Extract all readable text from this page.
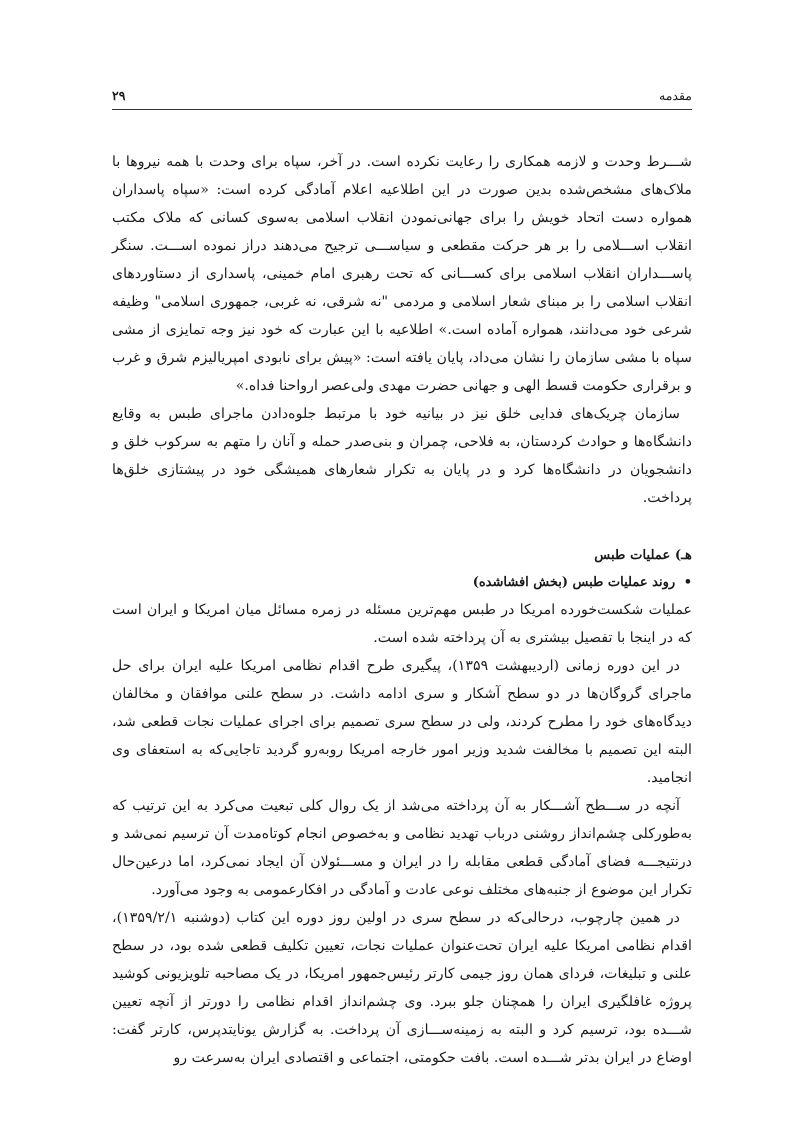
مقدمه
۲۹

شـــرط وحدت و لازمه همکاری را رعایت نکرده است. در آخر، سپاه برای وحدت با همه نیروها با ملاک‌های مشخص‌شده بدین صورت در این اطلاعیه اعلام آمادگی کرده است: «سپاه پاسداران همواره دست اتحاد خویش را برای جهانی‌نمودن انقلاب اسلامی به‌سوی کسانی که ملاک مکتب انقلاب اســـلامی را بر هر حرکت مقطعی و سیاســـی ترجیح می‌دهند دراز نموده اســـت. سنگر پاســـداران انقلاب اسلامی برای کســـانی که تحت رهبری امام خمینی، پاسداری از دستاوردهای انقلاب اسلامی را بر مبنای شعار اسلامی و مردمی "نه شرقی، نه غربی، جمهوری اسلامی" وظیفه شرعی خود می‌دانند، همواره آماده است.» اطلاعیه با این عبارت که خود نیز وجه تمایزی از مشی سپاه با مشی سازمان را نشان می‌داد، پایان یافته است: «پیش برای نابودی امپریالیزم شرق و غرب و برقراری حکومت قسط الهی و جهانی حضرت مهدی ولی‌عصر ارواحنا فداه.»

سازمان چریک‌های فدایی خلق نیز در بیانیه خود با مرتبط جلوه‌دادن ماجرای طبس به وقایع دانشگاه‌ها و حوادث کردستان، به فلاحی، چمران و بنی‌صدر حمله و آنان را متهم به سرکوب خلق و دانشجویان در دانشگاه‌ها کرد و در پایان به تکرار شعارهای همیشگی خود در پیشتازی خلق‌ها پرداخت.

هـ) عملیات طبس
• روند عملیات طبس (بخش افشاشده)

عملیات شکست‌خورده امریکا در طبس مهم‌ترین مسئله در زمره مسائل میان امریکا و ایران است که در اینجا با تفصیل بیشتری به آن پرداخته شده است.

در این دوره زمانی (اردیبهشت ۱۳۵۹)، پیگیری طرح اقدام نظامی امریکا علیه ایران برای حل ماجرای گروگان‌ها در دو سطح آشکار و سری ادامه داشت. در سطح علنی موافقان و مخالفان دیدگاه‌های خود را مطرح کردند، ولی در سطح سری تصمیم برای اجرای عملیات نجات قطعی شد، البته این تصمیم با مخالفت شدید وزیر امور خارجه امریکا روبه‌رو گردید تاجایی‌که به استعفای وی انجامید.

آنچه در ســـطح آشـــکار به آن پرداخته می‌شد از یک روال کلی تبعیت می‌کرد به این ترتیب که به‌طورکلی چشم‌انداز روشنی درباب تهدید نظامی و به‌خصوص انجام کوتاه‌مدت آن ترسیم نمی‌شد و درنتیجـــه فضای آمادگی قطعی مقابله را در ایران و مســـئولان آن ایجاد نمی‌کرد، اما درعین‌حال تکرار این موضوع از جنبه‌های مختلف نوعی عادت و آمادگی در افکارعمومی به وجود می‌آورد.

در همین چارچوب، درحالی‌که در سطح سری در اولین روز دوره این کتاب (دوشنبه ۱۳۵۹/۲/۱)، اقدام نظامی امریکا علیه ایران تحت‌عنوان عملیات نجات، تعیین تکلیف قطعی شده بود، در سطح علنی و تبلیغات، فردای همان روز جیمی کارتر رئیس‌جمهور امریکا، در یک مصاحبه تلویزیونی کوشید پروژه غافلگیری ایران را همچنان جلو ببرد. وی چشم‌انداز اقدام نظامی را دورتر از آنچه تعیین شـــده بود، ترسیم کرد و البته به زمینه‌ســـازی آن پرداخت. به گزارش یونایتدپرس، کارتر گفت: اوضاع در ایران بدتر شـــده است. بافت حکومتی، اجتماعی و اقتصادی ایران به‌سرعت رو
